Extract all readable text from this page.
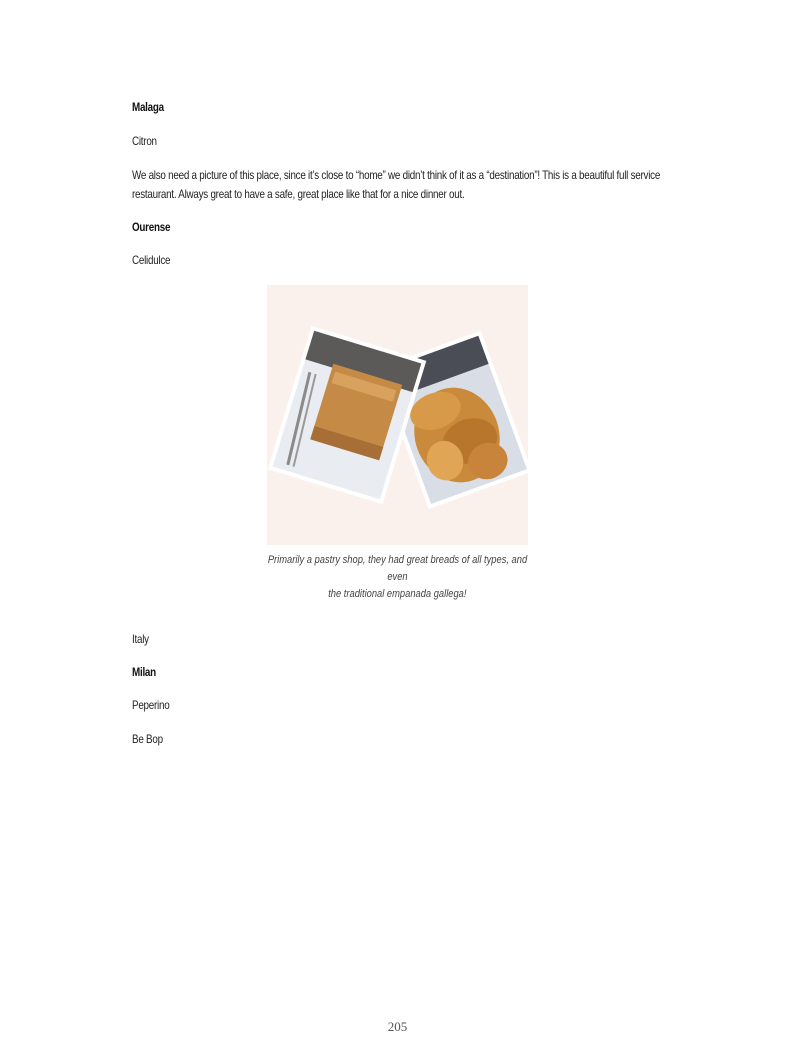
Malaga
Citron
We also need a picture of this place, since it’s close to “home” we didn’t think of it as a “destination”! This is a beautiful full service restaurant. Always great to have a safe, great place like that for a nice dinner out.
Ourense
Celidulce
Primarily a pastry shop, they had great breads of all types, and even
the traditional empanada gallega!
Italy
Milan
Peperino
Be Bop
205
